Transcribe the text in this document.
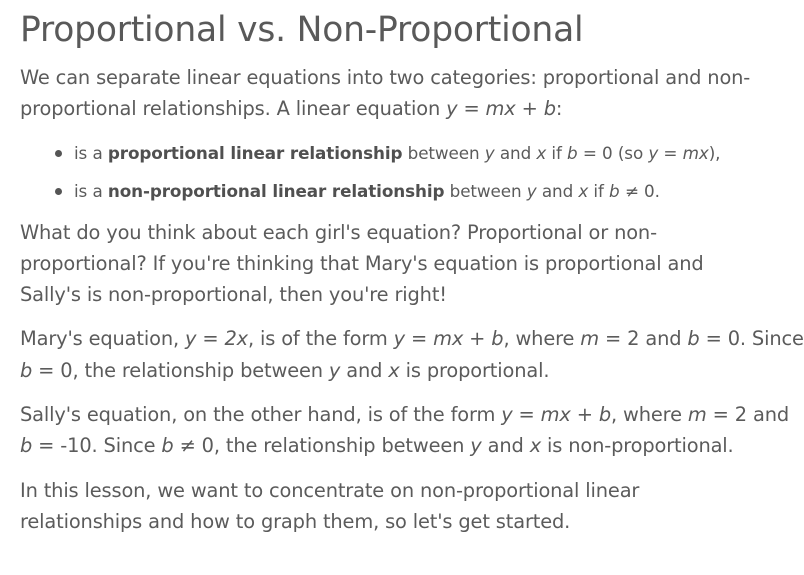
Proportional vs. Non-Proportional

We can separate linear equations into two categories: proportional and non-
proportional relationships. A linear equation y = mx + b:

is a proportional linear relationship between y and x if b = 0 (so y = mx),
is a non-proportional linear relationship between y and x if b ≠ 0.

What do you think about each girl's equation? Proportional or non-
proportional? If you're thinking that Mary's equation is proportional and
Sally's is non-proportional, then you're right!

Mary's equation, y = 2x, is of the form y = mx + b, where m = 2 and b = 0. Since
b = 0, the relationship between y and x is proportional.

Sally's equation, on the other hand, is of the form y = mx + b, where m = 2 and
b = -10. Since b ≠ 0, the relationship between y and x is non-proportional.

In this lesson, we want to concentrate on non-proportional linear
relationships and how to graph them, so let's get started.
